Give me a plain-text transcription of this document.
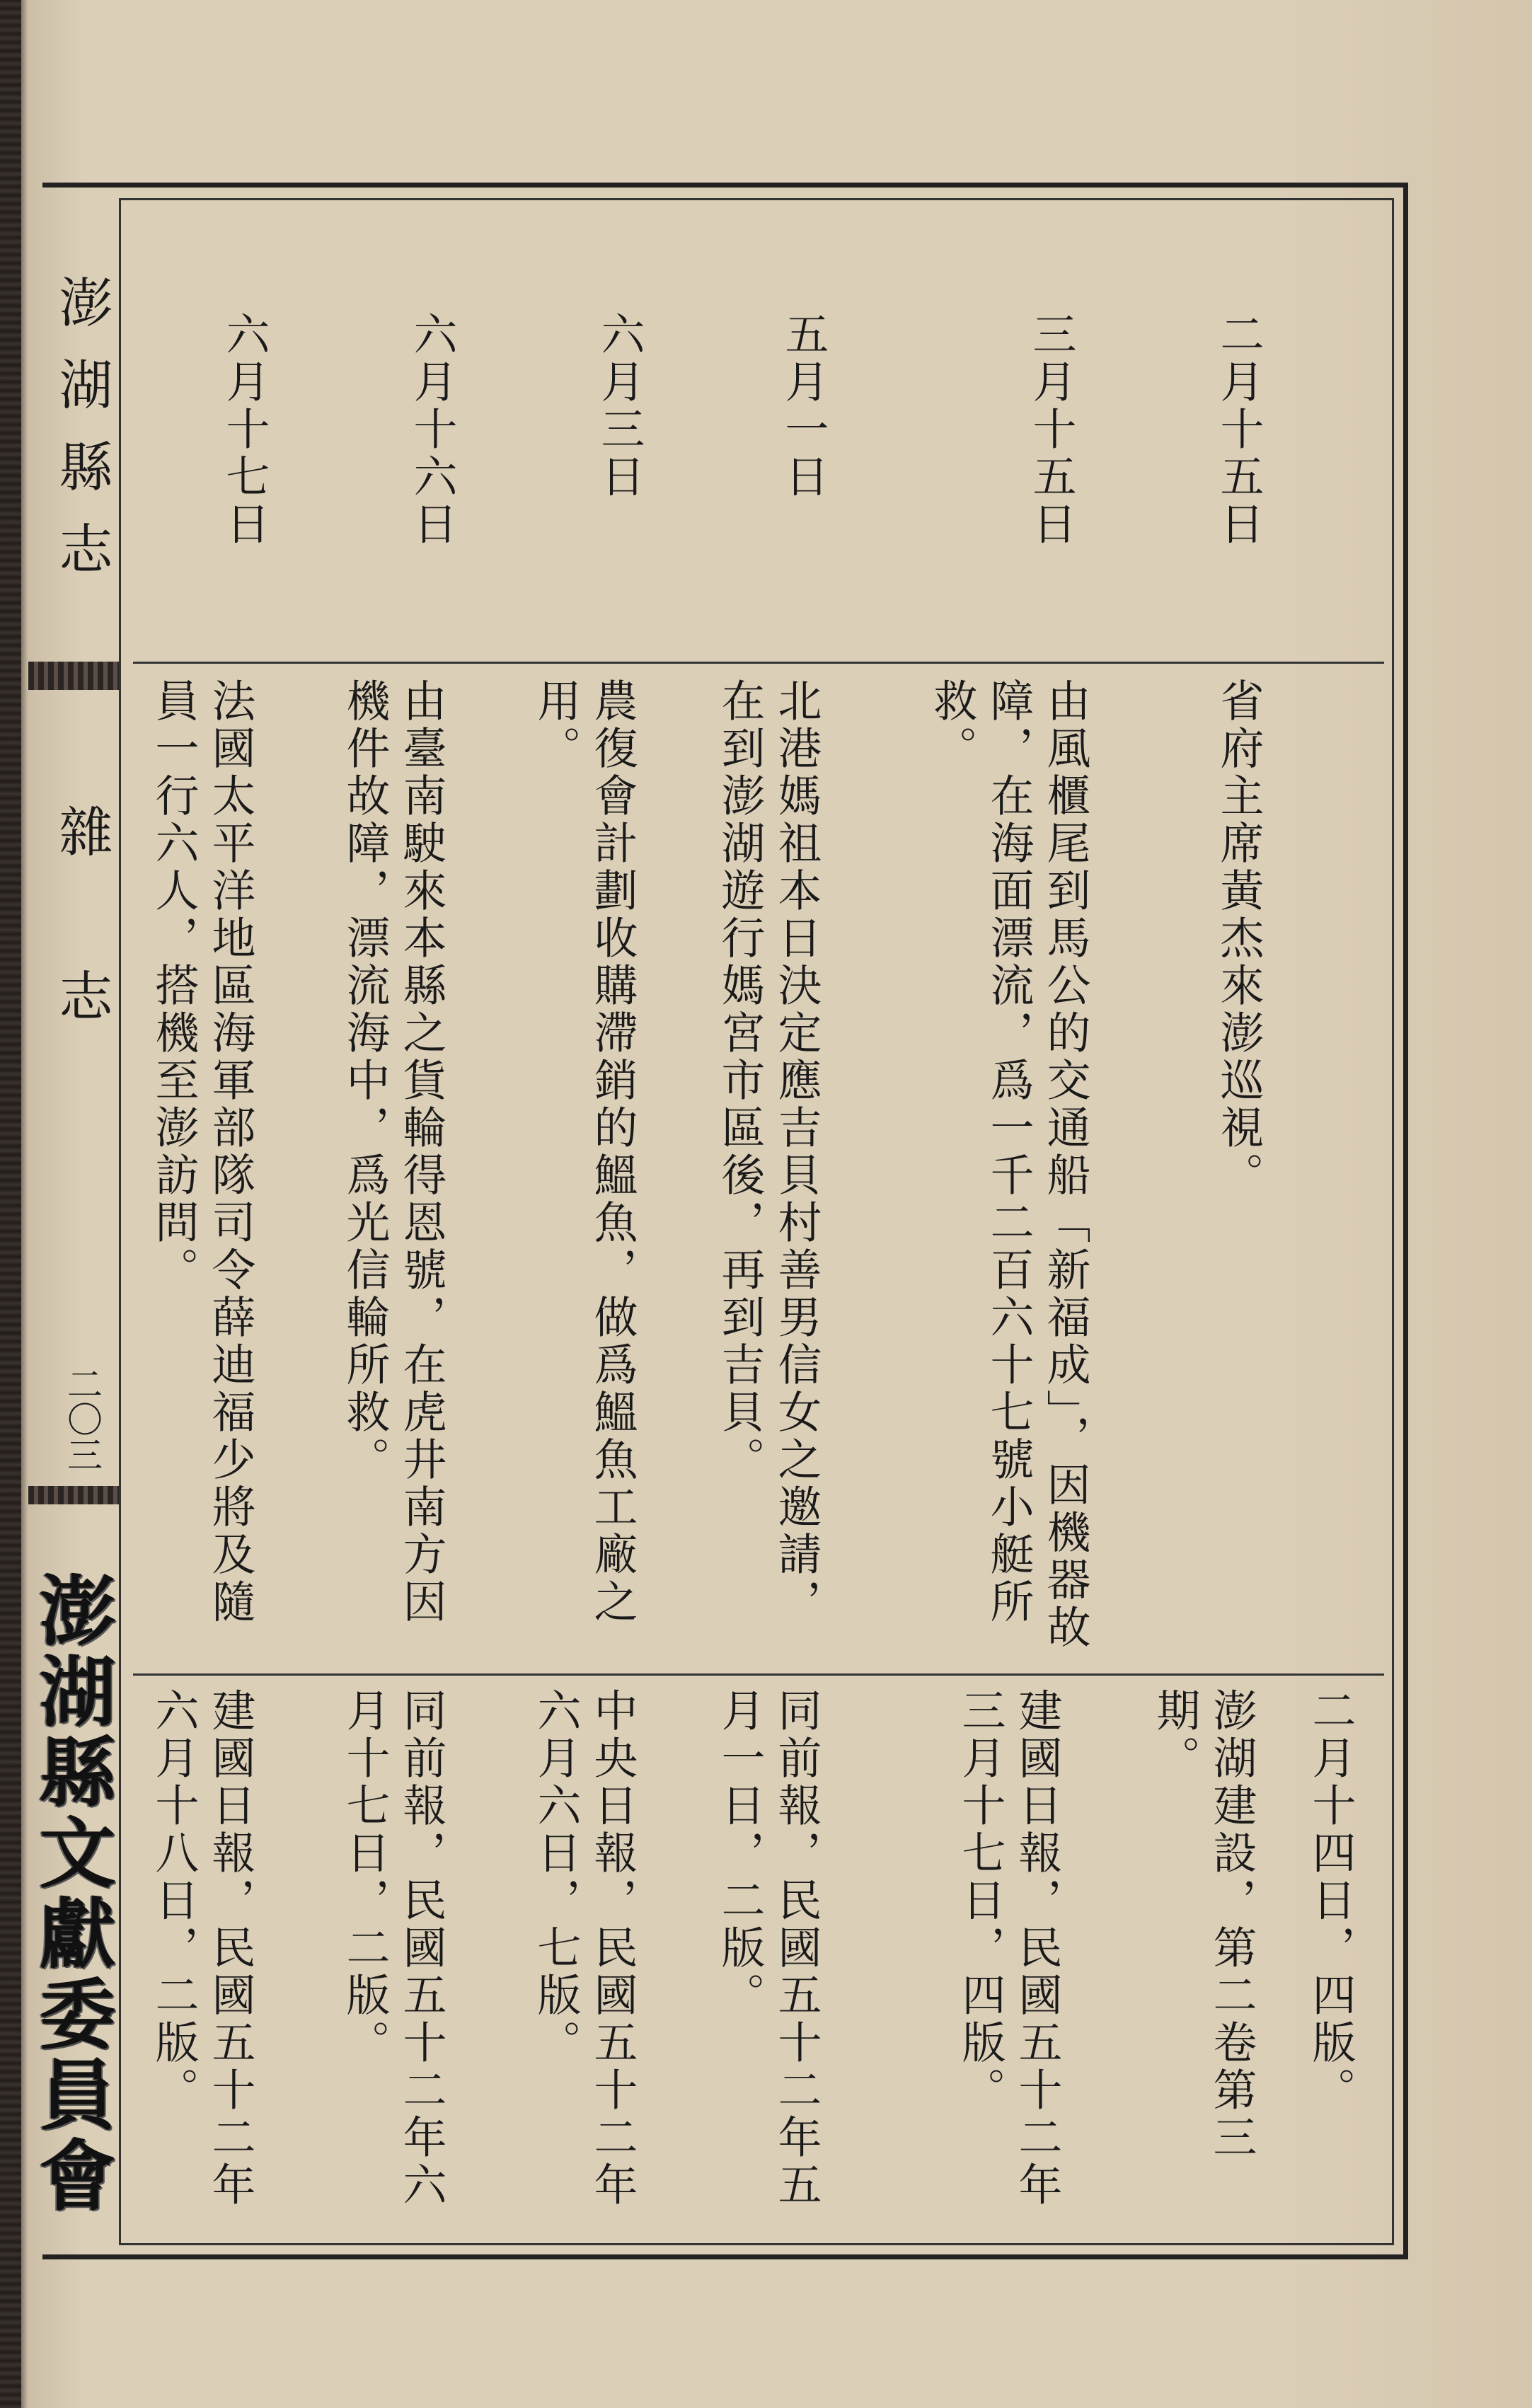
澎湖縣志
雜　志
二〇三
澎湖縣文獻委員會
二月十五日
省府主席黃杰來澎巡視。
二月十四日，四版。
澎湖建設，第二卷第三期。
三月十五日
由風櫃尾到馬公的交通船「新福成」，因機器故障，在海面漂流，爲一千二百六十七號小艇所救。
建國日報，民國五十二年三月十七日，四版。
五月一日
北港媽祖本日決定應吉貝村善男信女之邀請，在到澎湖遊行媽宮市區後，再到吉貝。
同前報，民國五十二年五月一日，二版。
六月三日
農復會計劃收購滯銷的鰮魚，做爲鰮魚工廠之用。
中央日報，民國五十二年六月六日，七版。
六月十六日
由臺南駛來本縣之貨輪得恩號，在虎井南方因機件故障，漂流海中，爲光信輪所救。
同前報，民國五十二年六月十七日，二版。
六月十七日
法國太平洋地區海軍部隊司令薛迪福少將及隨員一行六人，搭機至澎訪問。
建國日報，民國五十二年六月十八日，二版。
